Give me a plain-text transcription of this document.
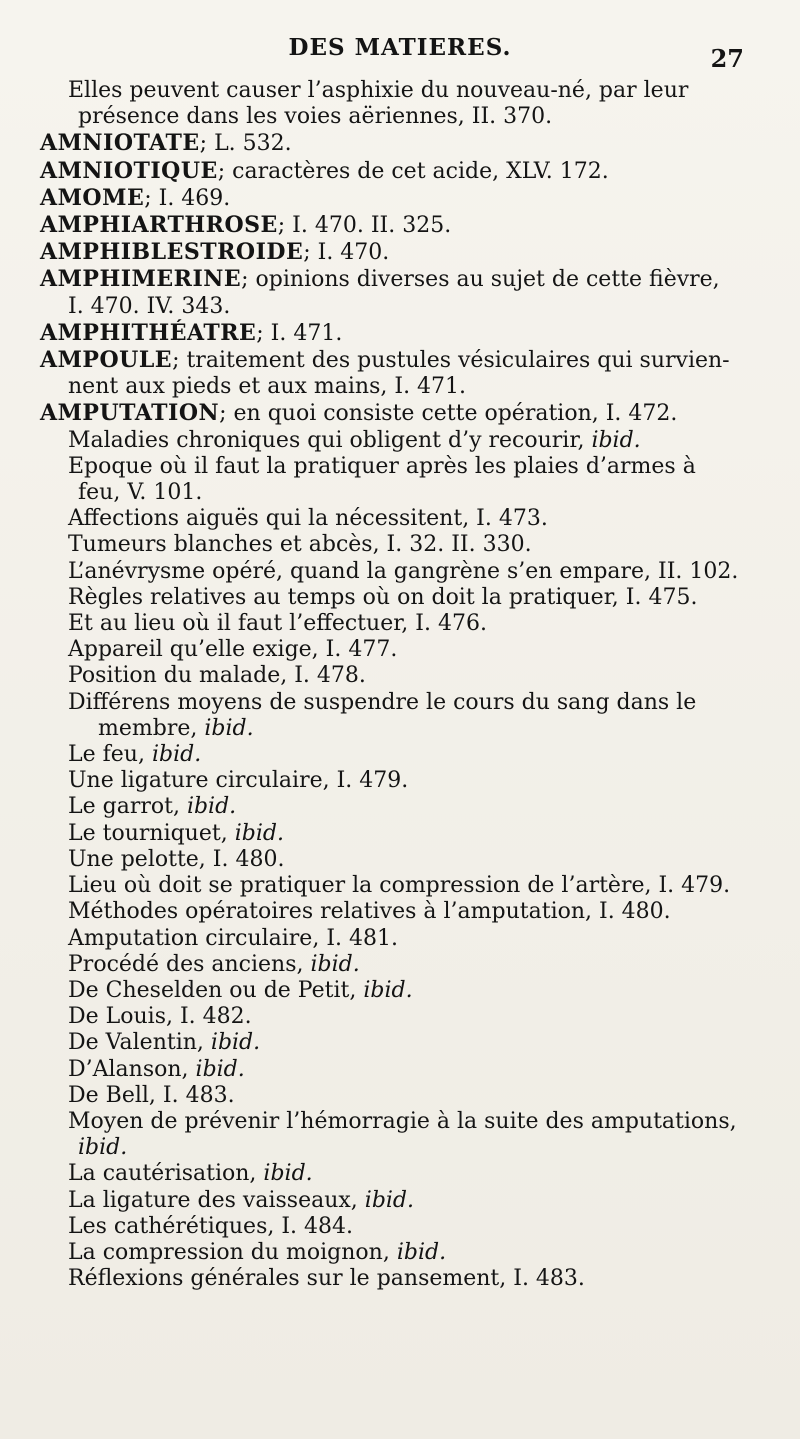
DES MATIERES.	27
Elles peuvent causer l’asphixie du nouveau-né, par leur
présence dans les voies aëriennes, II. 370.
AMNIOTATE; L. 532.
AMNIOTIQUE; caractères de cet acide, XLV. 172.
AMOME; I. 469.
AMPHIARTHROSE; I. 470. II. 325.
AMPHIBLESTROIDE; I. 470.
AMPHIMERINE; opinions diverses au sujet de cette fièvre,
I. 470. IV. 343.
AMPHITHÉATRE; I. 471.
AMPOULE; traitement des pustules vésiculaires qui survien-
nent aux pieds et aux mains, I. 471.
AMPUTATION; en quoi consiste cette opération, I. 472.
Maladies chroniques qui obligent d’y recourir, ibid.
Epoque où il faut la pratiquer après les plaies d’armes à
feu, V. 101.
Affections aiguës qui la nécessitent, I. 473.
Tumeurs blanches et abcès, I. 32. II. 330.
L’anévrysme opéré, quand la gangrène s’en empare, II. 102.
Règles relatives au temps où on doit la pratiquer, I. 475.
Et au lieu où il faut l’effectuer, I. 476.
Appareil qu’elle exige, I. 477.
Position du malade, I. 478.
Différens moyens de suspendre le cours du sang dans le
membre, ibid.
Le feu, ibid.
Une ligature circulaire, I. 479.
Le garrot, ibid.
Le tourniquet, ibid.
Une pelotte, I. 480.
Lieu où doit se pratiquer la compression de l’artère, I. 479.
Méthodes opératoires relatives à l’amputation, I. 480.
Amputation circulaire, I. 481.
Procédé des anciens, ibid.
De Cheselden ou de Petit, ibid.
De Louis, I. 482.
De Valentin, ibid.
D’Alanson, ibid.
De Bell, I. 483.
Moyen de prévenir l’hémorragie à la suite des amputations,
ibid.
La cautérisation, ibid.
La ligature des vaisseaux, ibid.
Les cathérétiques, I. 484.
La compression du moignon, ibid.
Réflexions générales sur le pansement, I. 483.
